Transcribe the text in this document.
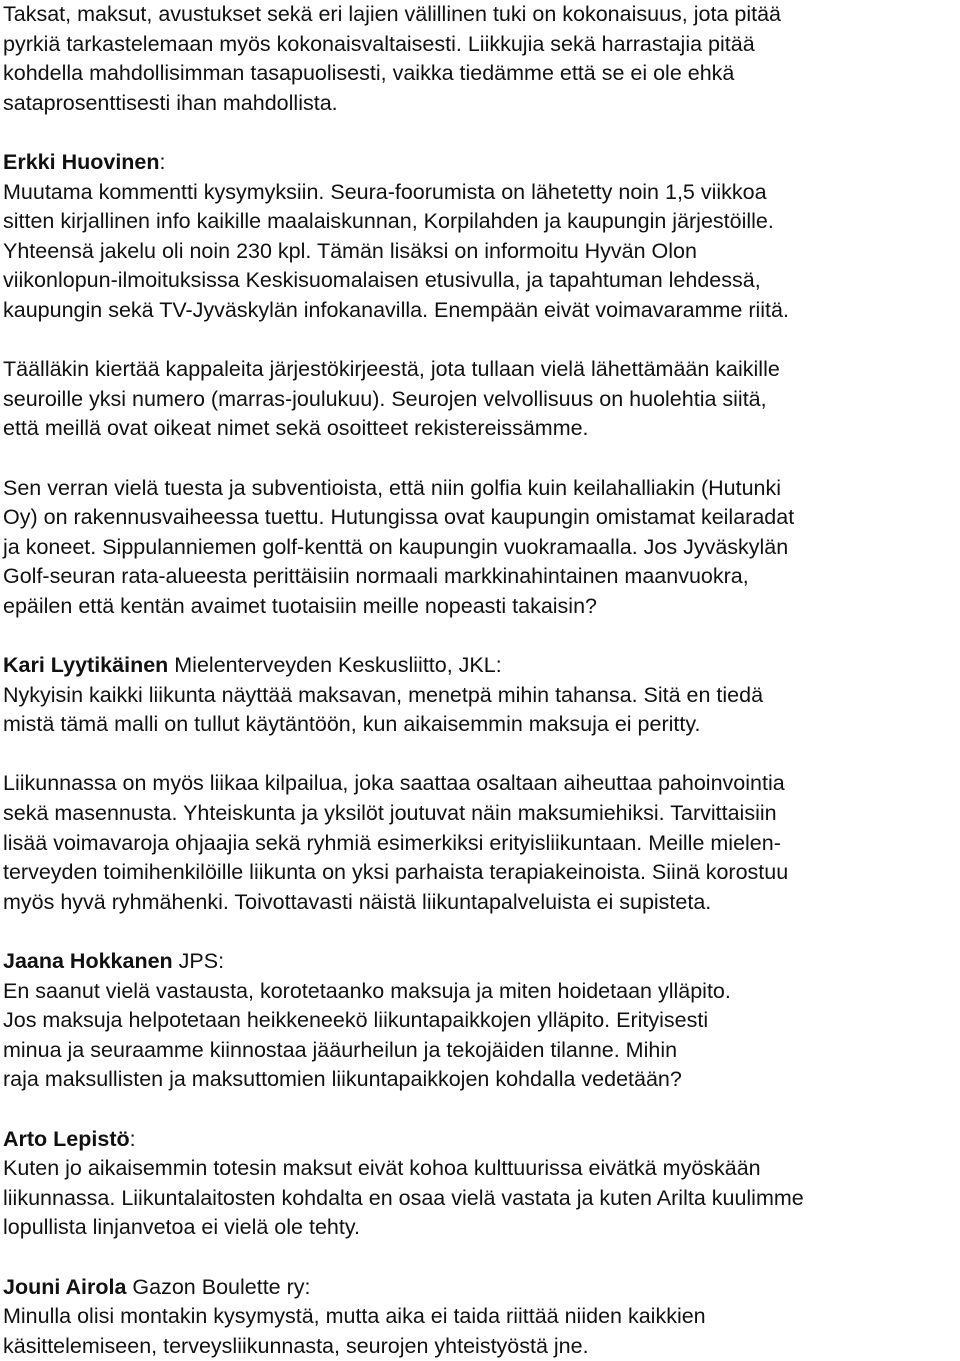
Taksat, maksut, avustukset sekä eri lajien välillinen tuki on kokonaisuus, jota pitää
pyrkiä tarkastelemaan myös kokonaisvaltaisesti. Liikkujia sekä harrastajia pitää
kohdella mahdollisimman tasapuolisesti, vaikka tiedämme että se ei ole ehkä
sataprosenttisesti ihan mahdollista.
Erkki Huovinen:
Muutama kommentti kysymyksiin. Seura-foorumista on lähetetty noin 1,5 viikkoa
sitten kirjallinen info kaikille maalaiskunnan, Korpilahden ja kaupungin järjestöille.
Yhteensä jakelu oli noin 230 kpl. Tämän lisäksi on informoitu Hyvän Olon
viikonlopun-ilmoituksissa Keskisuomalaisen etusivulla, ja tapahtuman lehdessä,
kaupungin sekä TV-Jyväskylän infokanavilla. Enempään eivät voimavaramme riitä.
Täälläkin kiertää kappaleita järjestökirjeestä, jota tullaan vielä lähettämään kaikille
seuroille yksi numero (marras-joulukuu). Seurojen velvollisuus on huolehtia siitä,
että meillä ovat oikeat nimet sekä osoitteet rekistereissämme.
Sen verran vielä tuesta ja subventioista, että niin golfia kuin keilahalliakin (Hutunki
Oy) on rakennusvaiheessa tuettu. Hutungissa ovat kaupungin omistamat keilaradat
ja koneet. Sippulanniemen golf-kenttä on kaupungin vuokramaalla. Jos Jyväskylän
Golf-seuran rata-alueesta perittäisiin normaali markkinahintainen maanvuokra,
epäilen että kentän avaimet tuotaisiin meille nopeasti takaisin?
Kari Lyytikäinen Mielenterveyden Keskusliitto, JKL:
Nykyisin kaikki liikunta näyttää maksavan, menetpä mihin tahansa. Sitä en tiedä
mistä tämä malli on tullut käytäntöön, kun aikaisemmin maksuja ei peritty.
Liikunnassa on myös liikaa kilpailua, joka saattaa osaltaan aiheuttaa pahoinvointia
sekä masennusta. Yhteiskunta ja yksilöt joutuvat näin maksumiehiksi. Tarvittaisiin
lisää voimavaroja ohjaajia sekä ryhmiä esimerkiksi erityisliikuntaan. Meille mielen-
terveyden toimihenkilöille liikunta on yksi parhaista terapiakeinoista. Siinä korostuu
myös hyvä ryhmähenki. Toivottavasti näistä liikuntapalveluista ei supisteta.
Jaana Hokkanen JPS:
En saanut vielä vastausta, korotetaanko maksuja ja miten hoidetaan ylläpito.
Jos maksuja helpotetaan heikkeneekö liikuntapaikkojen ylläpito. Erityisesti
minua ja seuraamme kiinnostaa jääurheilun ja tekojäiden tilanne. Mihin
raja maksullisten ja maksuttomien liikuntapaikkojen kohdalla vedetään?
Arto Lepistö:
Kuten jo aikaisemmin totesin maksut eivät kohoa kulttuurissa eivätkä myöskään
liikunnassa. Liikuntalaitosten kohdalta en osaa vielä vastata ja kuten Arilta kuulimme
lopullista linjanvetoa ei vielä ole tehty.
Jouni Airola Gazon Boulette ry:
Minulla olisi montakin kysymystä, mutta aika ei taida riittää niiden kaikkien
käsittelemiseen, terveysliikunnasta, seurojen yhteistyöstä jne.
